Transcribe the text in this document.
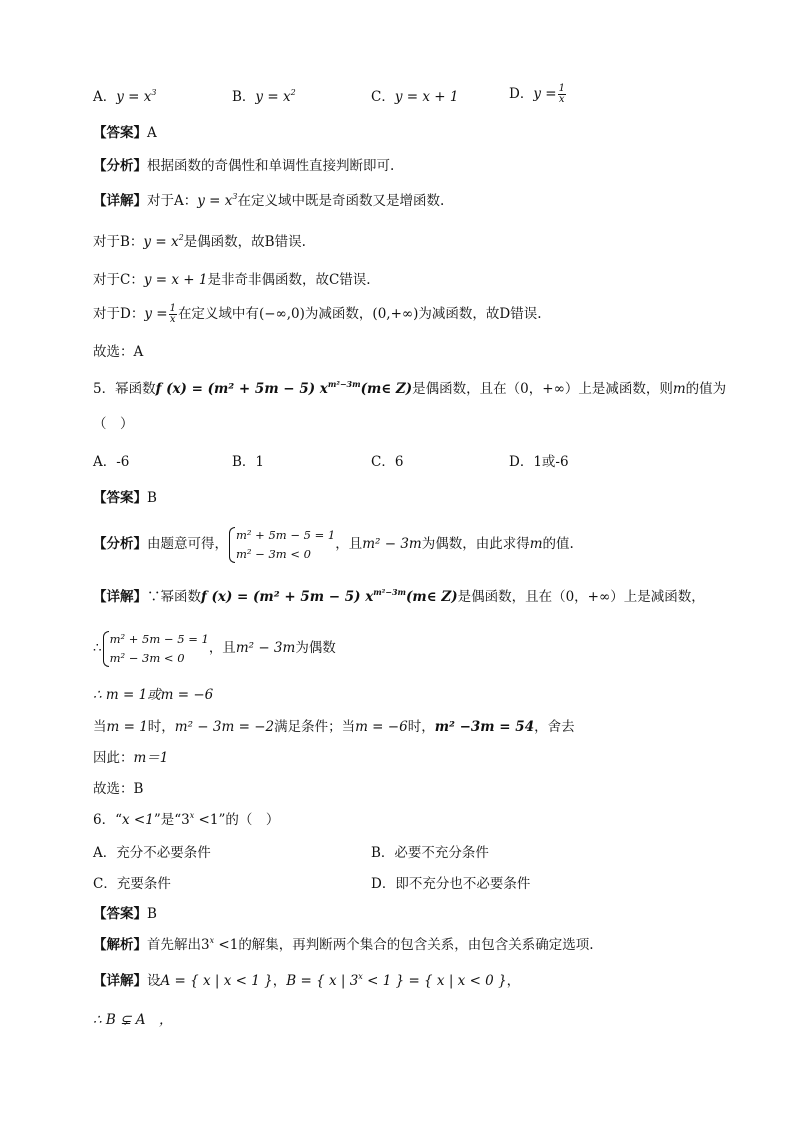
A．$y = x^3$	B．$y = x^2$	C．y = x + 1	D．$y = \frac{1}{x}$
【答案】A
【分析】根据函数的奇偶性和单调性直接判断即可.
【详解】对于A：$y = x^3$在定义域中既是奇函数又是增函数.
对于B：$y = x^2$是偶函数，故B错误.
对于C：y = x + 1是非奇非偶函数，故C错误.
对于D：$y = \frac{1}{x}$ 在定义域中有(−∞,0)为减函数，(0,+∞)为减函数，故D错误.
故选：A
5．幂函数f (x) = (m² + 5m − 5) $x^{m^2-3m}(m\in$ Z)是偶函数，且在（0，+∞）上是减函数，则m的值为
（　）
A．-6	B．1	C．6	D．1或-6
【答案】B
【分析】由题意可得，
m² + 5m − 5 = 1
m² − 3m < 0
，且m² − 3m为偶数，由此求得m的值.
【详解】∵幂函数f (x) = (m² + 5m − 5) $x^{m^2-3m}(m\in$ Z)是偶函数，且在（0，+∞）上是减函数，
∴
m² + 5m − 5 = 1
m² − 3m < 0
，且m² − 3m为偶数
∴ m = 1或m = −6
当m = 1时，m² − 3m = −2满足条件；当m = −6时，m² −3m = 54，舍去
因此：m＝1
故选：B
6．“x <1”是“$3^x <1$”的（　）
A．充分不必要条件	B．必要不充分条件
C．充要条件	D．即不充分也不必要条件
【答案】B
【解析】首先解出$3^x <1$的解集，再判断两个集合的包含关系，由包含关系确定选项.
【详解】设A = { x | x < 1 }，B = { x | $3^x < 1$ } = { x | x < 0 }，
∴ B ⊊ A　，
